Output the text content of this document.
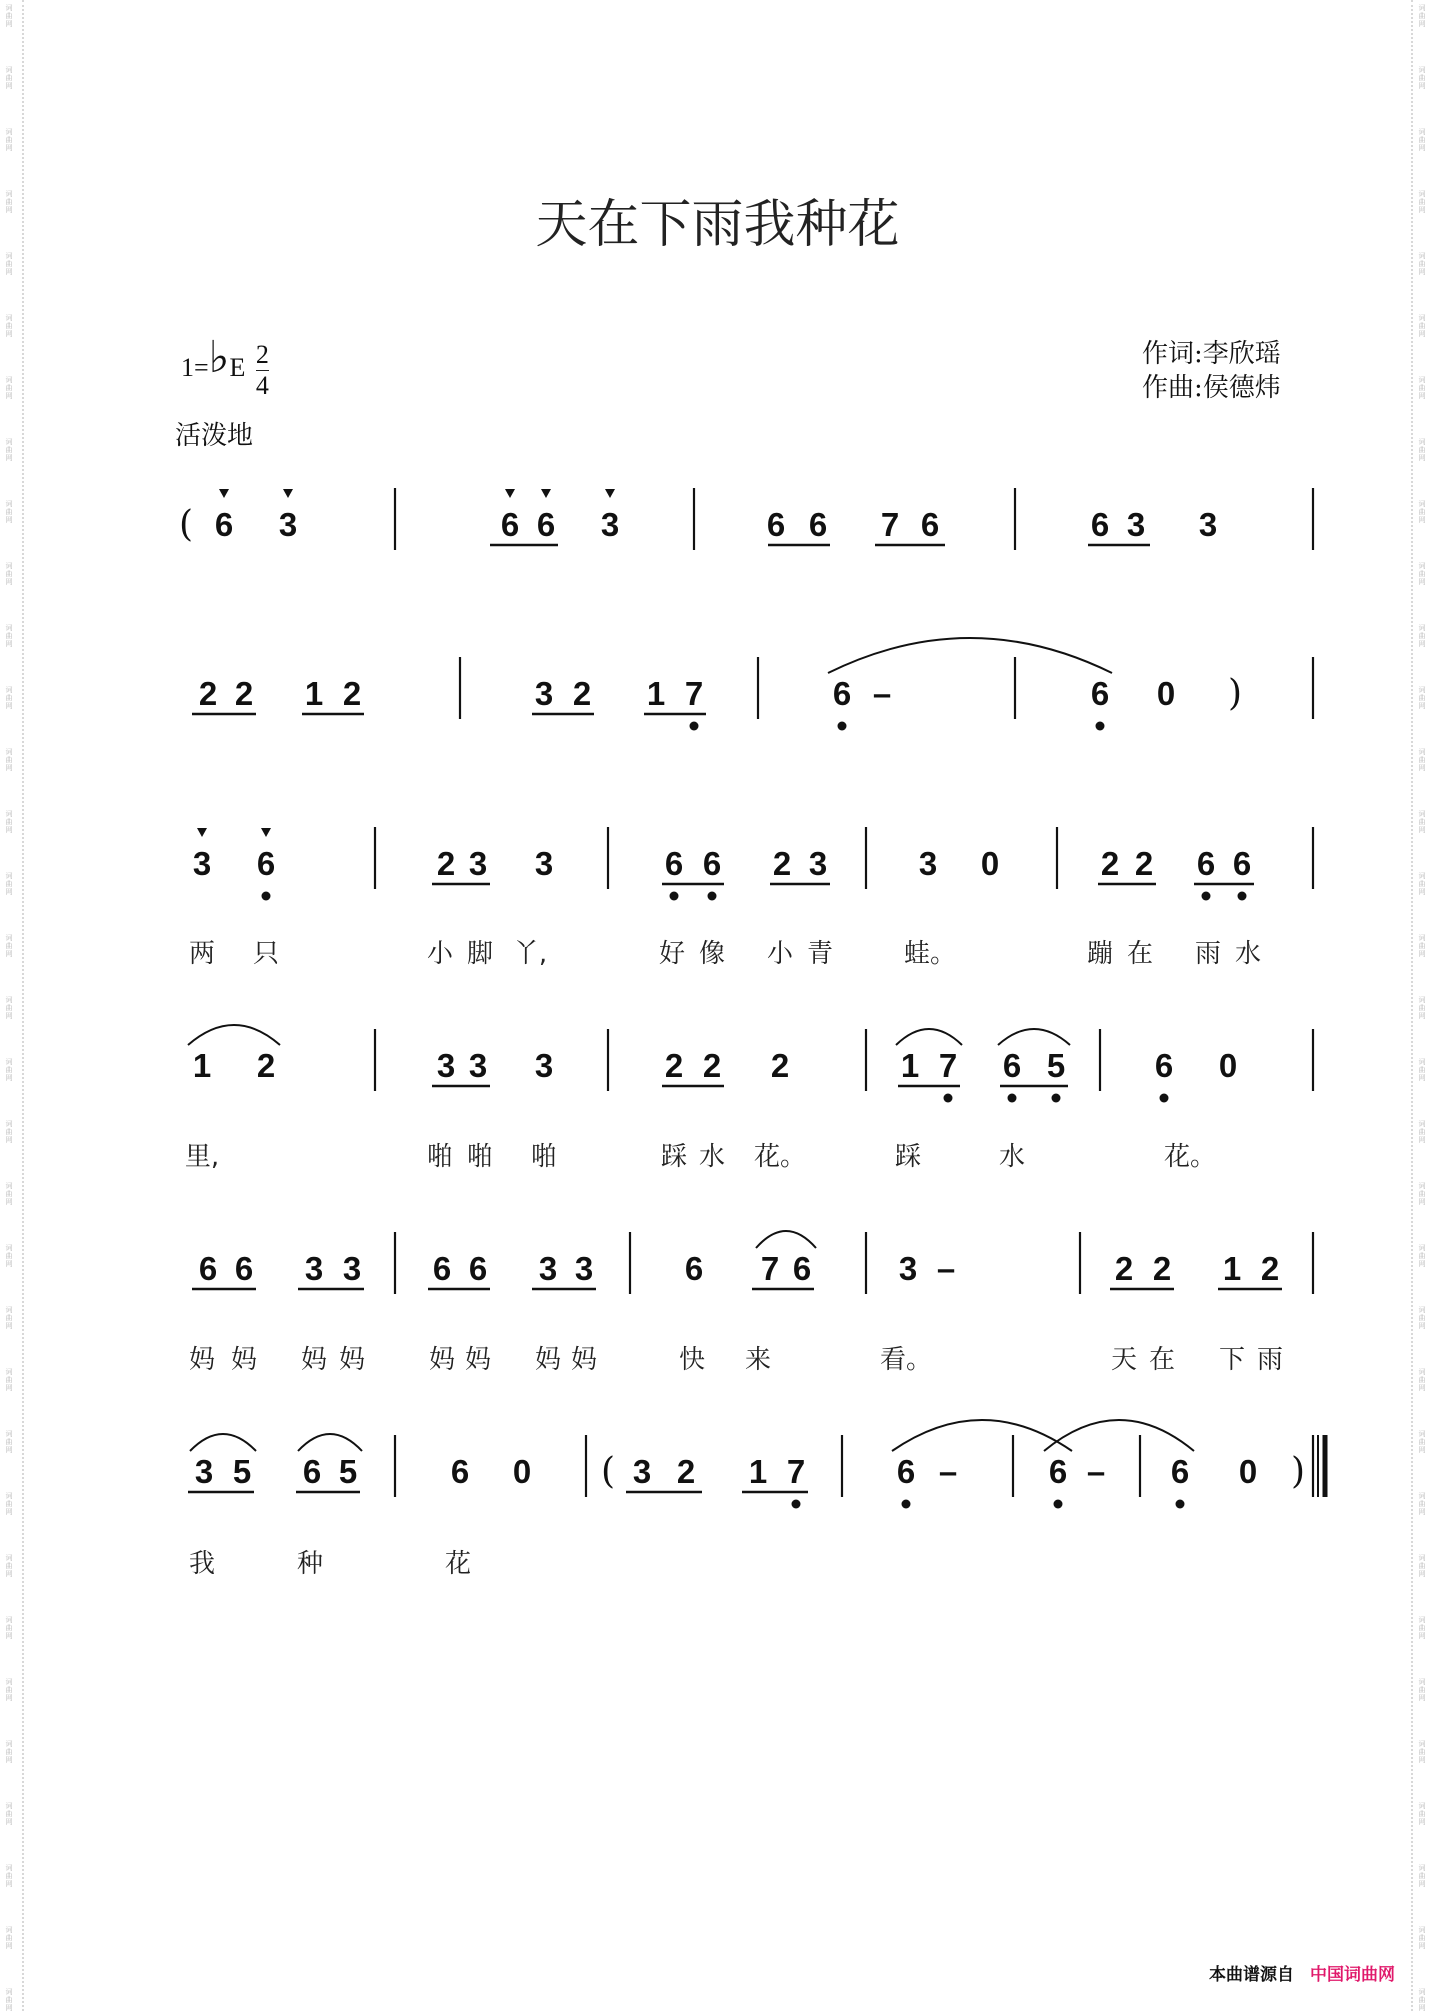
词
曲
网
词
曲
网
词
曲
网
词
曲
网
词
曲
网
词
曲
网
词
曲
网
词
曲
网
词
曲
网
词
曲
网
词
曲
网
词
曲
网
词
曲
网
词
曲
网
词
曲
网
词
曲
网
词
曲
网
词
曲
网
词
曲
网
词
曲
网
词
曲
网
词
曲
网
词
曲
网
词
曲
网
词
曲
网
词
曲
网
词
曲
网
词
曲
网
词
曲
网
词
曲
网
词
曲
网
词
曲
网
词
曲
网
词
曲
网
词
曲
网
词
曲
网
词
曲
网
词
曲
网
词
曲
网
词
曲
网
词
曲
网
词
曲
网
词
曲
网
词
曲
网
词
曲
网
词
曲
网
词
曲
网
词
曲
网
词
曲
网
词
曲
网
词
曲
网
词
曲
网
词
曲
网
词
曲
网
词
曲
网
词
曲
网
词
曲
网
词
曲
网
词
曲
网
词
曲
网
词
曲
网
词
曲
网
词
曲
网
词
曲
网
词
曲
网
词
曲
网
天在下雨我种花
1=♭E $\frac{2}{4}$
活泼地
作词:李欣瑶
作曲:侯德炜
( 6 3	6 6 3	6 6 7 6	6 3 3
2 2 1 2	3 2 1 7	6 –	6 0 )
3 6	2 3 3	6 6 2 3	3 0	2 2 6 6
1 2	3 3 3	2 2 2	1 7 6 5	6 0
6 6 3 3 6 6 3 3	6 7 6	3 –	2 2 1 2
3 5 6 5	6 0 ( 3 2 1 7	6 –	6 – 6 0 )
两 只	小 脚 丫,	好 像 小 青	蛙。	蹦 在 雨 水
里,	啪 啪 啪	踩 水 花。	踩	水	花。
妈 妈 妈 妈 妈 妈 妈 妈	快 来	看。	天 在 下 雨
我	种	花
本曲谱源自 中国词曲网
